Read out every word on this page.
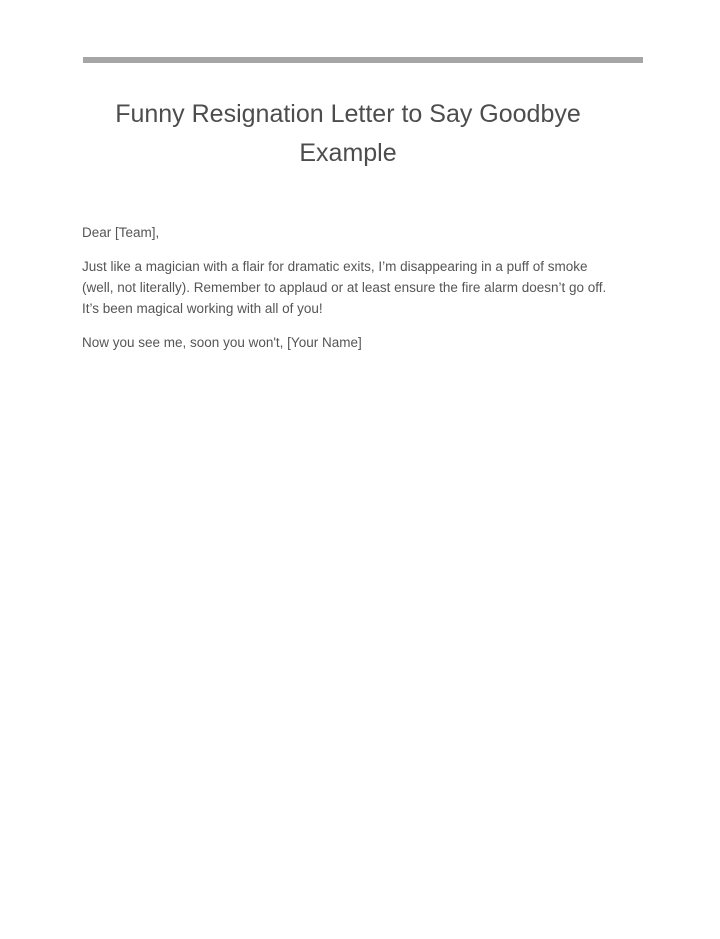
Funny Resignation Letter to Say Goodbye Example

Dear [Team],

Just like a magician with a flair for dramatic exits, I’m disappearing in a puff of smoke (well, not literally). Remember to applaud or at least ensure the fire alarm doesn’t go off. It’s been magical working with all of you!

Now you see me, soon you won't, [Your Name]
